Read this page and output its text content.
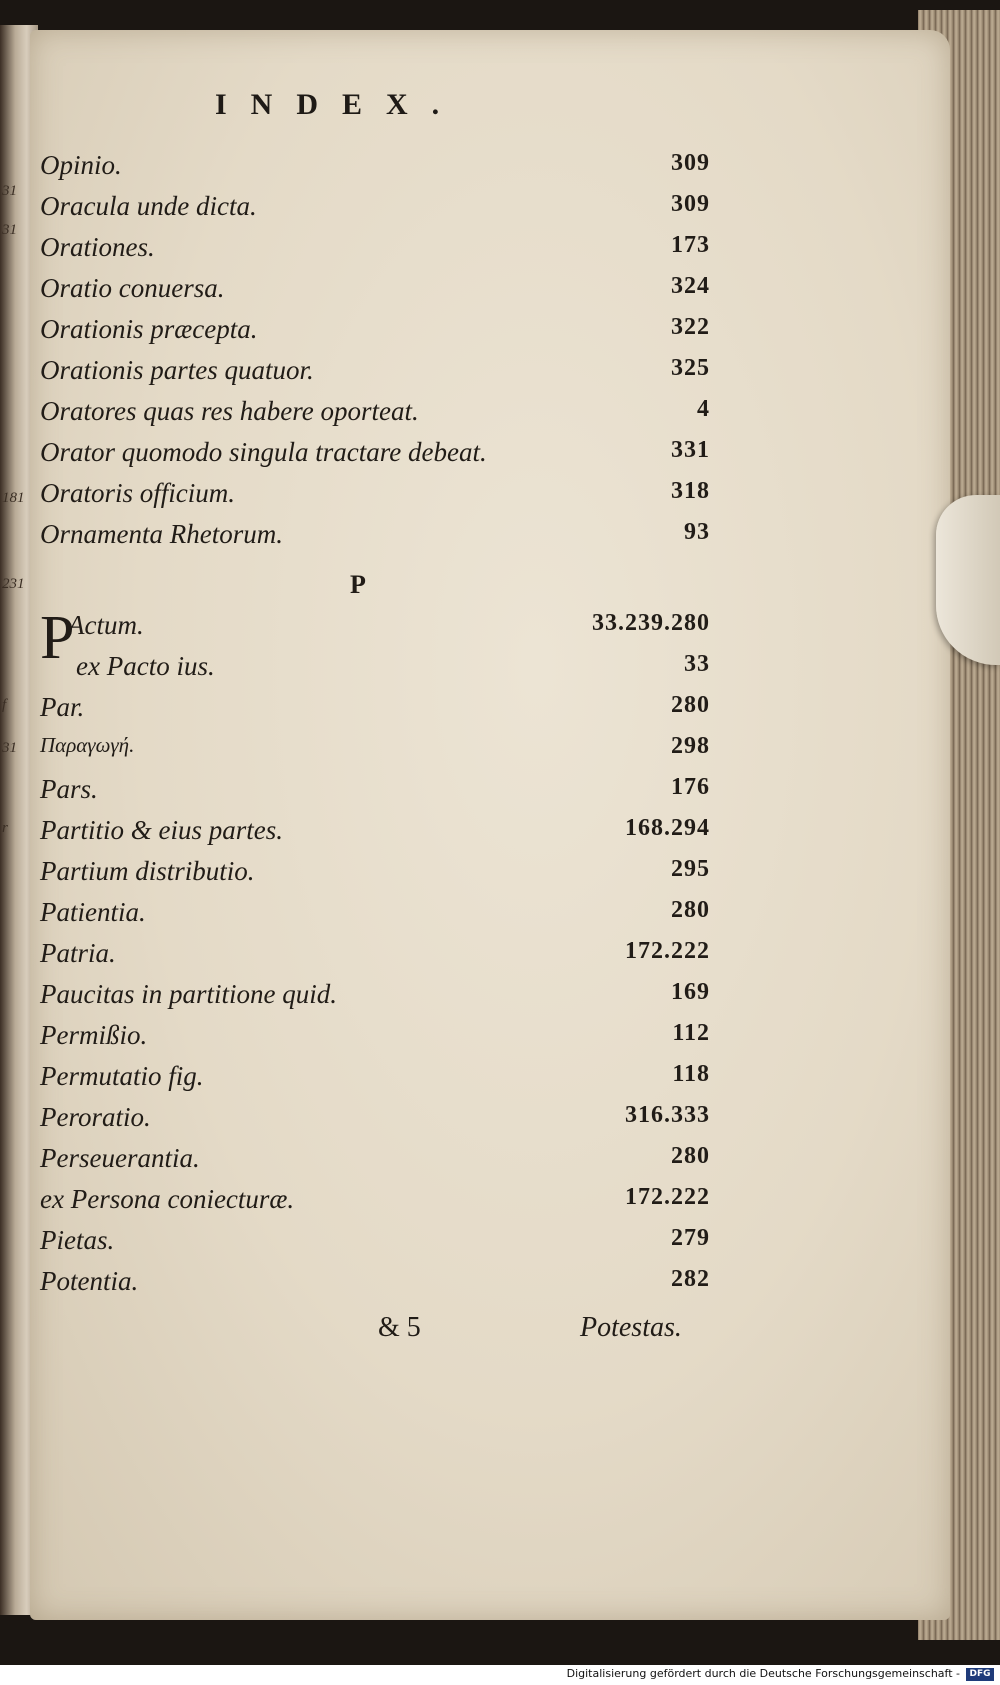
31
31
181
231
f
31
r
INDEX.
Opinio.	309
Oracula unde dicta.	309
Orationes.	173
Oratio conuersa.	324
Orationis præcepta.	322
Orationis partes quatuor.	325
Oratores quas res habere oporteat.	4
Orator quomodo singula tractare debeat.	331
Oratoris officium.	318
Ornamenta Rhetorum.	93
P
P
Actum.	33.239.280
ex Pacto ius.	33
Par.	280
Παραγωγή.	298
Pars.	176
Partitio & eius partes.	168.294
Partium distributio.	295
Patientia.	280
Patria.	172.222
Paucitas in partitione quid.	169
Permißio.	112
Permutatio fig.	118
Peroratio.	316.333
Perseuerantia.	280
ex Persona coniecturæ.	172.222
Pietas.	279
Potentia.	282
& 5	Potestas.
Digitalisierung gefördert durch die Deutsche Forschungsgemeinschaft -	DFG
